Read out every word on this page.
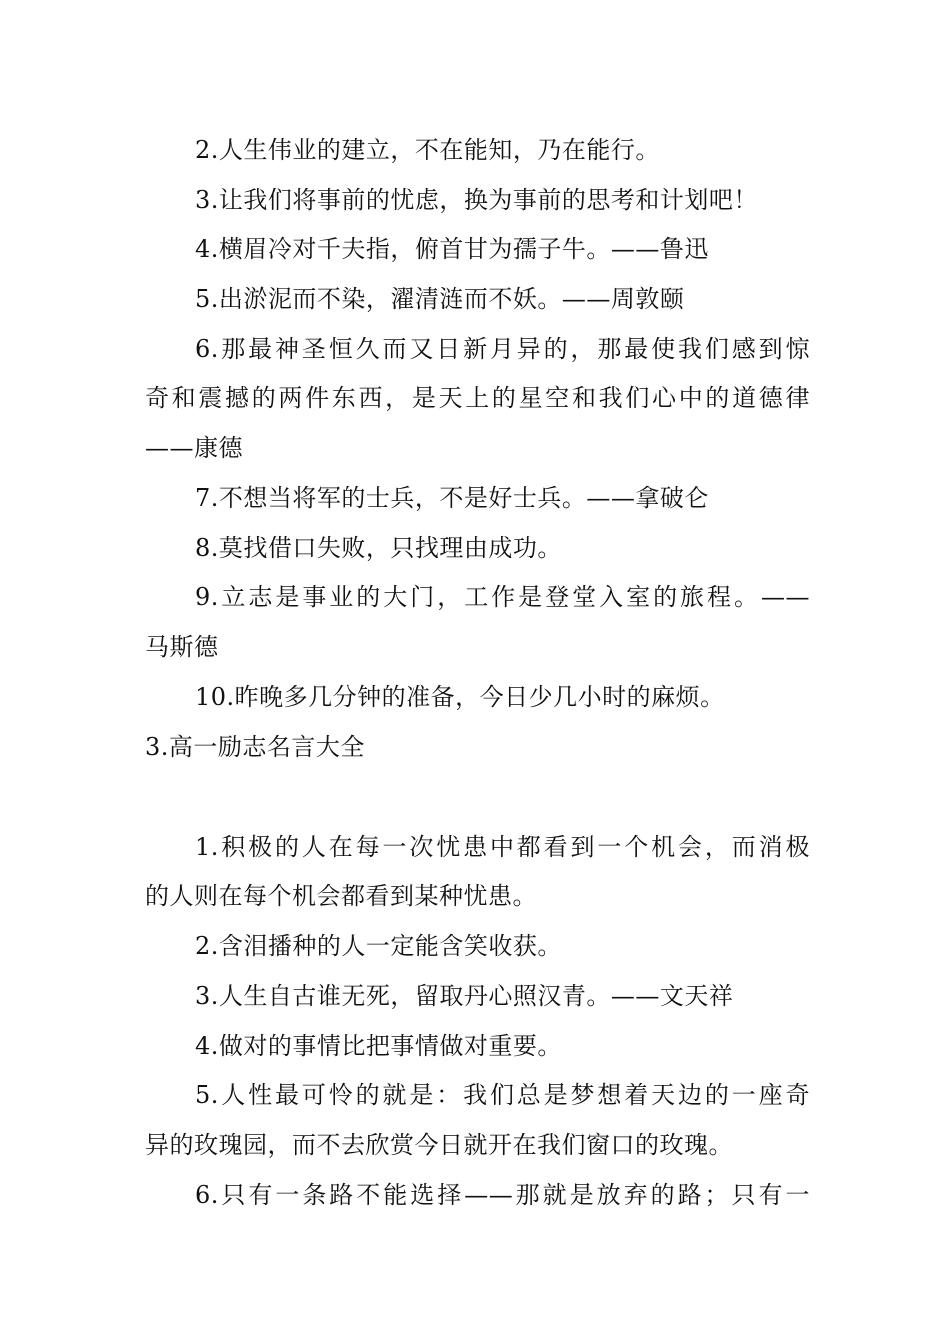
2.人生伟业的建立，不在能知，乃在能行。
3.让我们将事前的忧虑，换为事前的思考和计划吧！
4.横眉冷对千夫指，俯首甘为孺子牛。——鲁迅
5.出淤泥而不染，濯清涟而不妖。——周敦颐
6.那最神圣恒久而又日新月异的，那最使我们感到惊
奇和震撼的两件东西，是天上的星空和我们心中的道德律
——康德
7.不想当将军的士兵，不是好士兵。——拿破仑
8.莫找借口失败，只找理由成功。
9.立志是事业的大门，工作是登堂入室的旅程。——
马斯德
10.昨晚多几分钟的准备，今日少几小时的麻烦。
3.高一励志名言大全
1.积极的人在每一次忧患中都看到一个机会，而消极
的人则在每个机会都看到某种忧患。
2.含泪播种的人一定能含笑收获。
3.人生自古谁无死，留取丹心照汉青。——文天祥
4.做对的事情比把事情做对重要。
5.人性最可怜的就是：我们总是梦想着天边的一座奇
异的玫瑰园，而不去欣赏今日就开在我们窗口的玫瑰。
6.只有一条路不能选择——那就是放弃的路；只有一
